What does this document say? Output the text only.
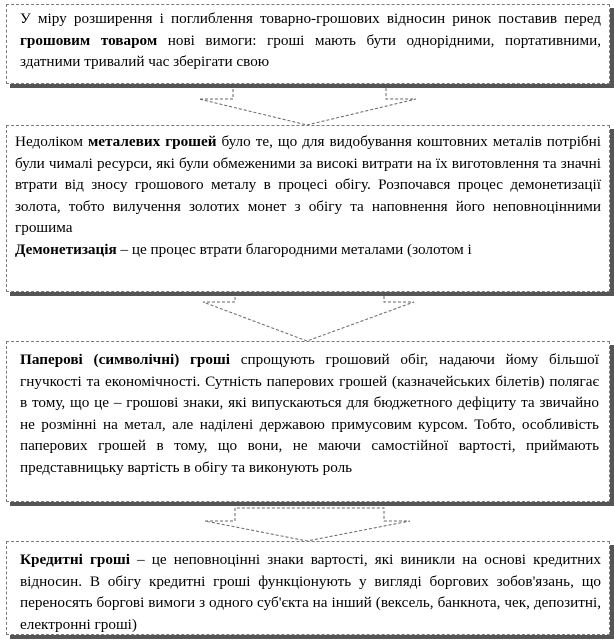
У міру розширення і поглиблення товарно-грошових відносин ринок поставив перед грошовим товаром нові вимоги: гроші мають бути однорідними, портативними, здатними тривалий час зберігати свою

Недоліком металевих грошей було те, що для видобування коштовних металів потрібні були чималі ресурси, які були обмеженими за високі витрати на їх виготовлення та значні втрати від зносу грошового металу в процесі обігу. Розпочався процес демонетизації золота, тобто вилучення золотих монет з обігу та наповнення його неповноцінними грошима

Демонетизація – це процес втрати благородними металами (золотом і

Паперові (символічні) гроші спрощують грошовий обіг, надаючи йому більшої гнучкості та економічності. Сутність паперових грошей (казначейських білетів) полягає в тому, що це – грошові знаки, які випускаються для бюджетного дефіциту та звичайно не розмінні на метал, але наділені державою примусовим курсом. Тобто, особливість паперових грошей в тому, що вони, не маючи самостійної вартості, приймають представницьку вартість в обігу та виконують роль

Кредитні гроші – це неповноцінні знаки вартості, які виникли на основі кредитних відносин. В обігу кредитні гроші функціонують у вигляді боргових зобов'язань, що переносять боргові вимоги з одного суб'єкта на інший (вексель, банкнота, чек, депозитні, електронні гроші)
